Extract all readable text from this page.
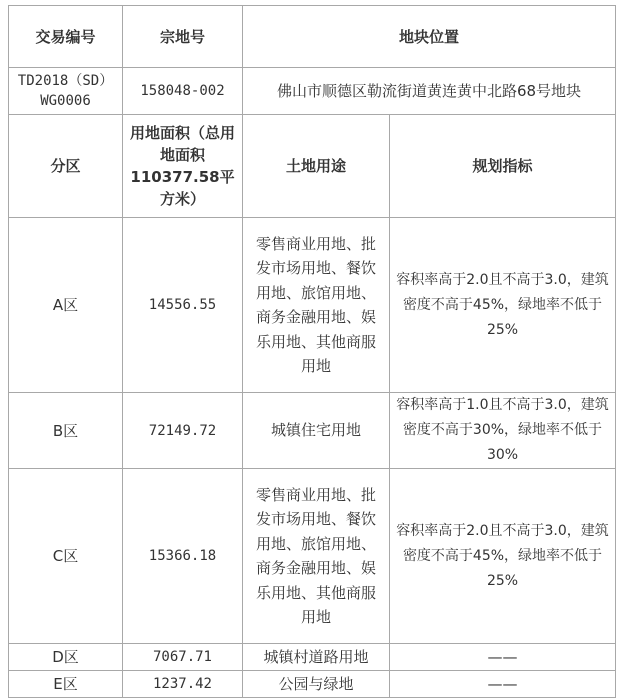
交易编号	宗地号	地块位置	
TD2018（SD）WG0006	158048-002	佛山市顺德区勒流街道黄连黄中北路68号地块	
分区	用地面积（总用地面积110377.58平方米）	土地用途	规划指标
A区	14556.55	零售商业用地、批发市场用地、餐饮用地、旅馆用地、商务金融用地、娱乐用地、其他商服用地	容积率高于2.0且不高于3.0，建筑密度不高于45%，绿地率不低于25%
B区	72149.72	城镇住宅用地	容积率高于1.0且不高于3.0，建筑密度不高于30%，绿地率不低于30%
C区	15366.18	零售商业用地、批发市场用地、餐饮用地、旅馆用地、商务金融用地、娱乐用地、其他商服用地	容积率高于2.0且不高于3.0，建筑密度不高于45%，绿地率不低于25%
D区	7067.71	城镇村道路用地	——
E区	1237.42	公园与绿地	——
